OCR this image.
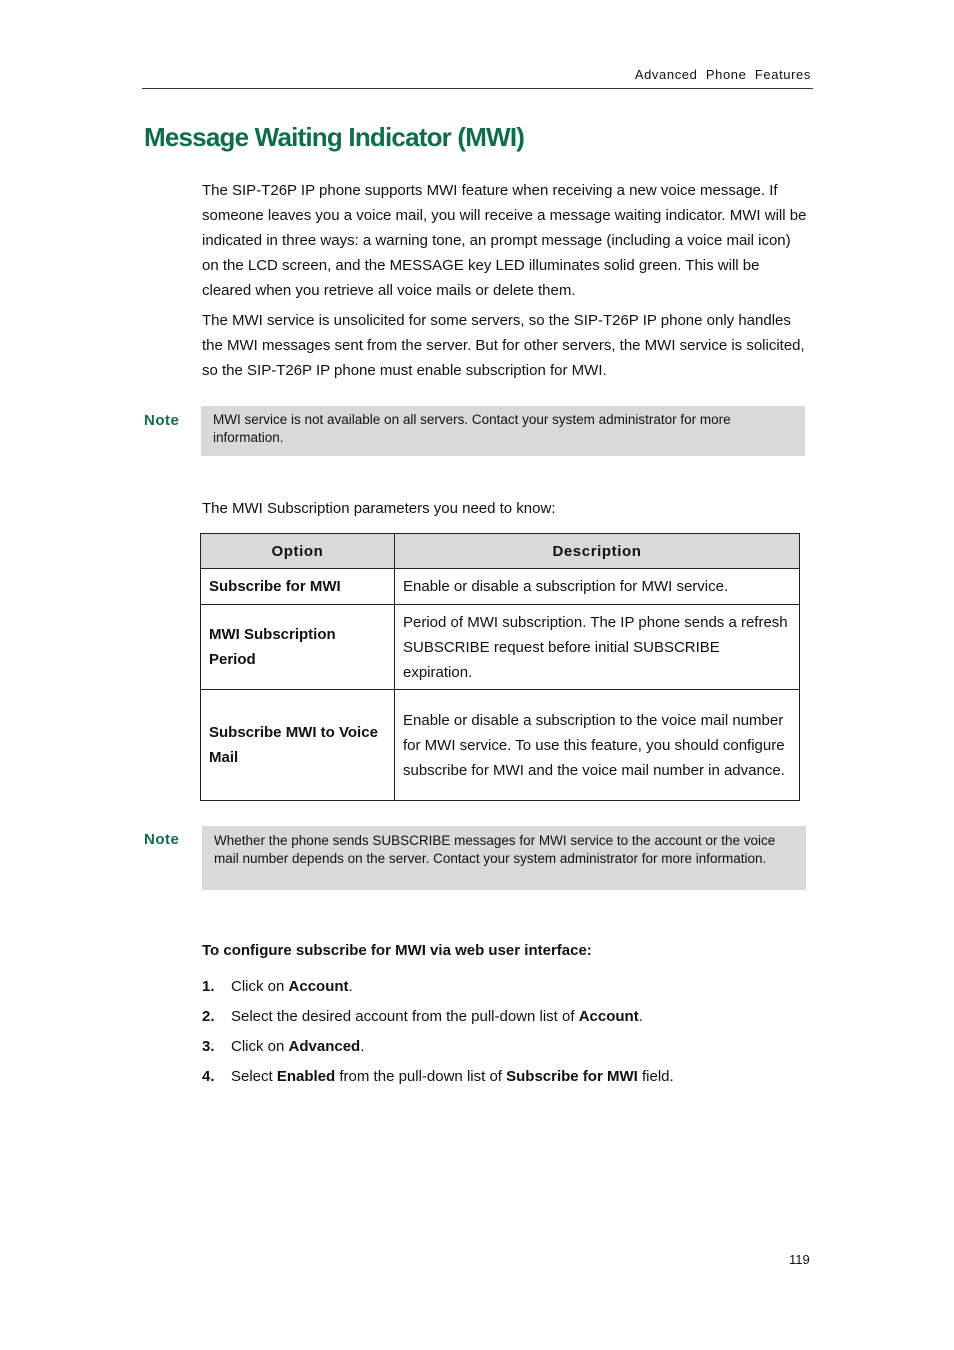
Advanced  Phone  Features
Message Waiting Indicator (MWI)
The SIP-T26P IP phone supports MWI feature when receiving a new voice message. If someone leaves you a voice mail, you will receive a message waiting indicator. MWI will be indicated in three ways: a warning tone, an prompt message (including a voice mail icon) on the LCD screen, and the MESSAGE key LED illuminates solid green. This will be cleared when you retrieve all voice mails or delete them.
The MWI service is unsolicited for some servers, so the SIP-T26P IP phone only handles the MWI messages sent from the server. But for other servers, the MWI service is solicited, so the SIP-T26P IP phone must enable subscription for MWI.
Note	MWI service is not available on all servers. Contact your system administrator for more information.
The MWI Subscription parameters you need to know:
Option	Description
Subscribe for MWI	Enable or disable a subscription for MWI service.
MWI Subscription Period	Period of MWI subscription. The IP phone sends a refresh SUBSCRIBE request before initial SUBSCRIBE expiration.
Subscribe MWI to Voice Mail	Enable or disable a subscription to the voice mail number for MWI service. To use this feature, you should configure subscribe for MWI and the voice mail number in advance.
Note	Whether the phone sends SUBSCRIBE messages for MWI service to the account or the voice mail number depends on the server. Contact your system administrator for more information.
To configure subscribe for MWI via web user interface:
1. Click on Account.
2. Select the desired account from the pull-down list of Account.
3. Click on Advanced.
4. Select Enabled from the pull-down list of Subscribe for MWI field.
119
